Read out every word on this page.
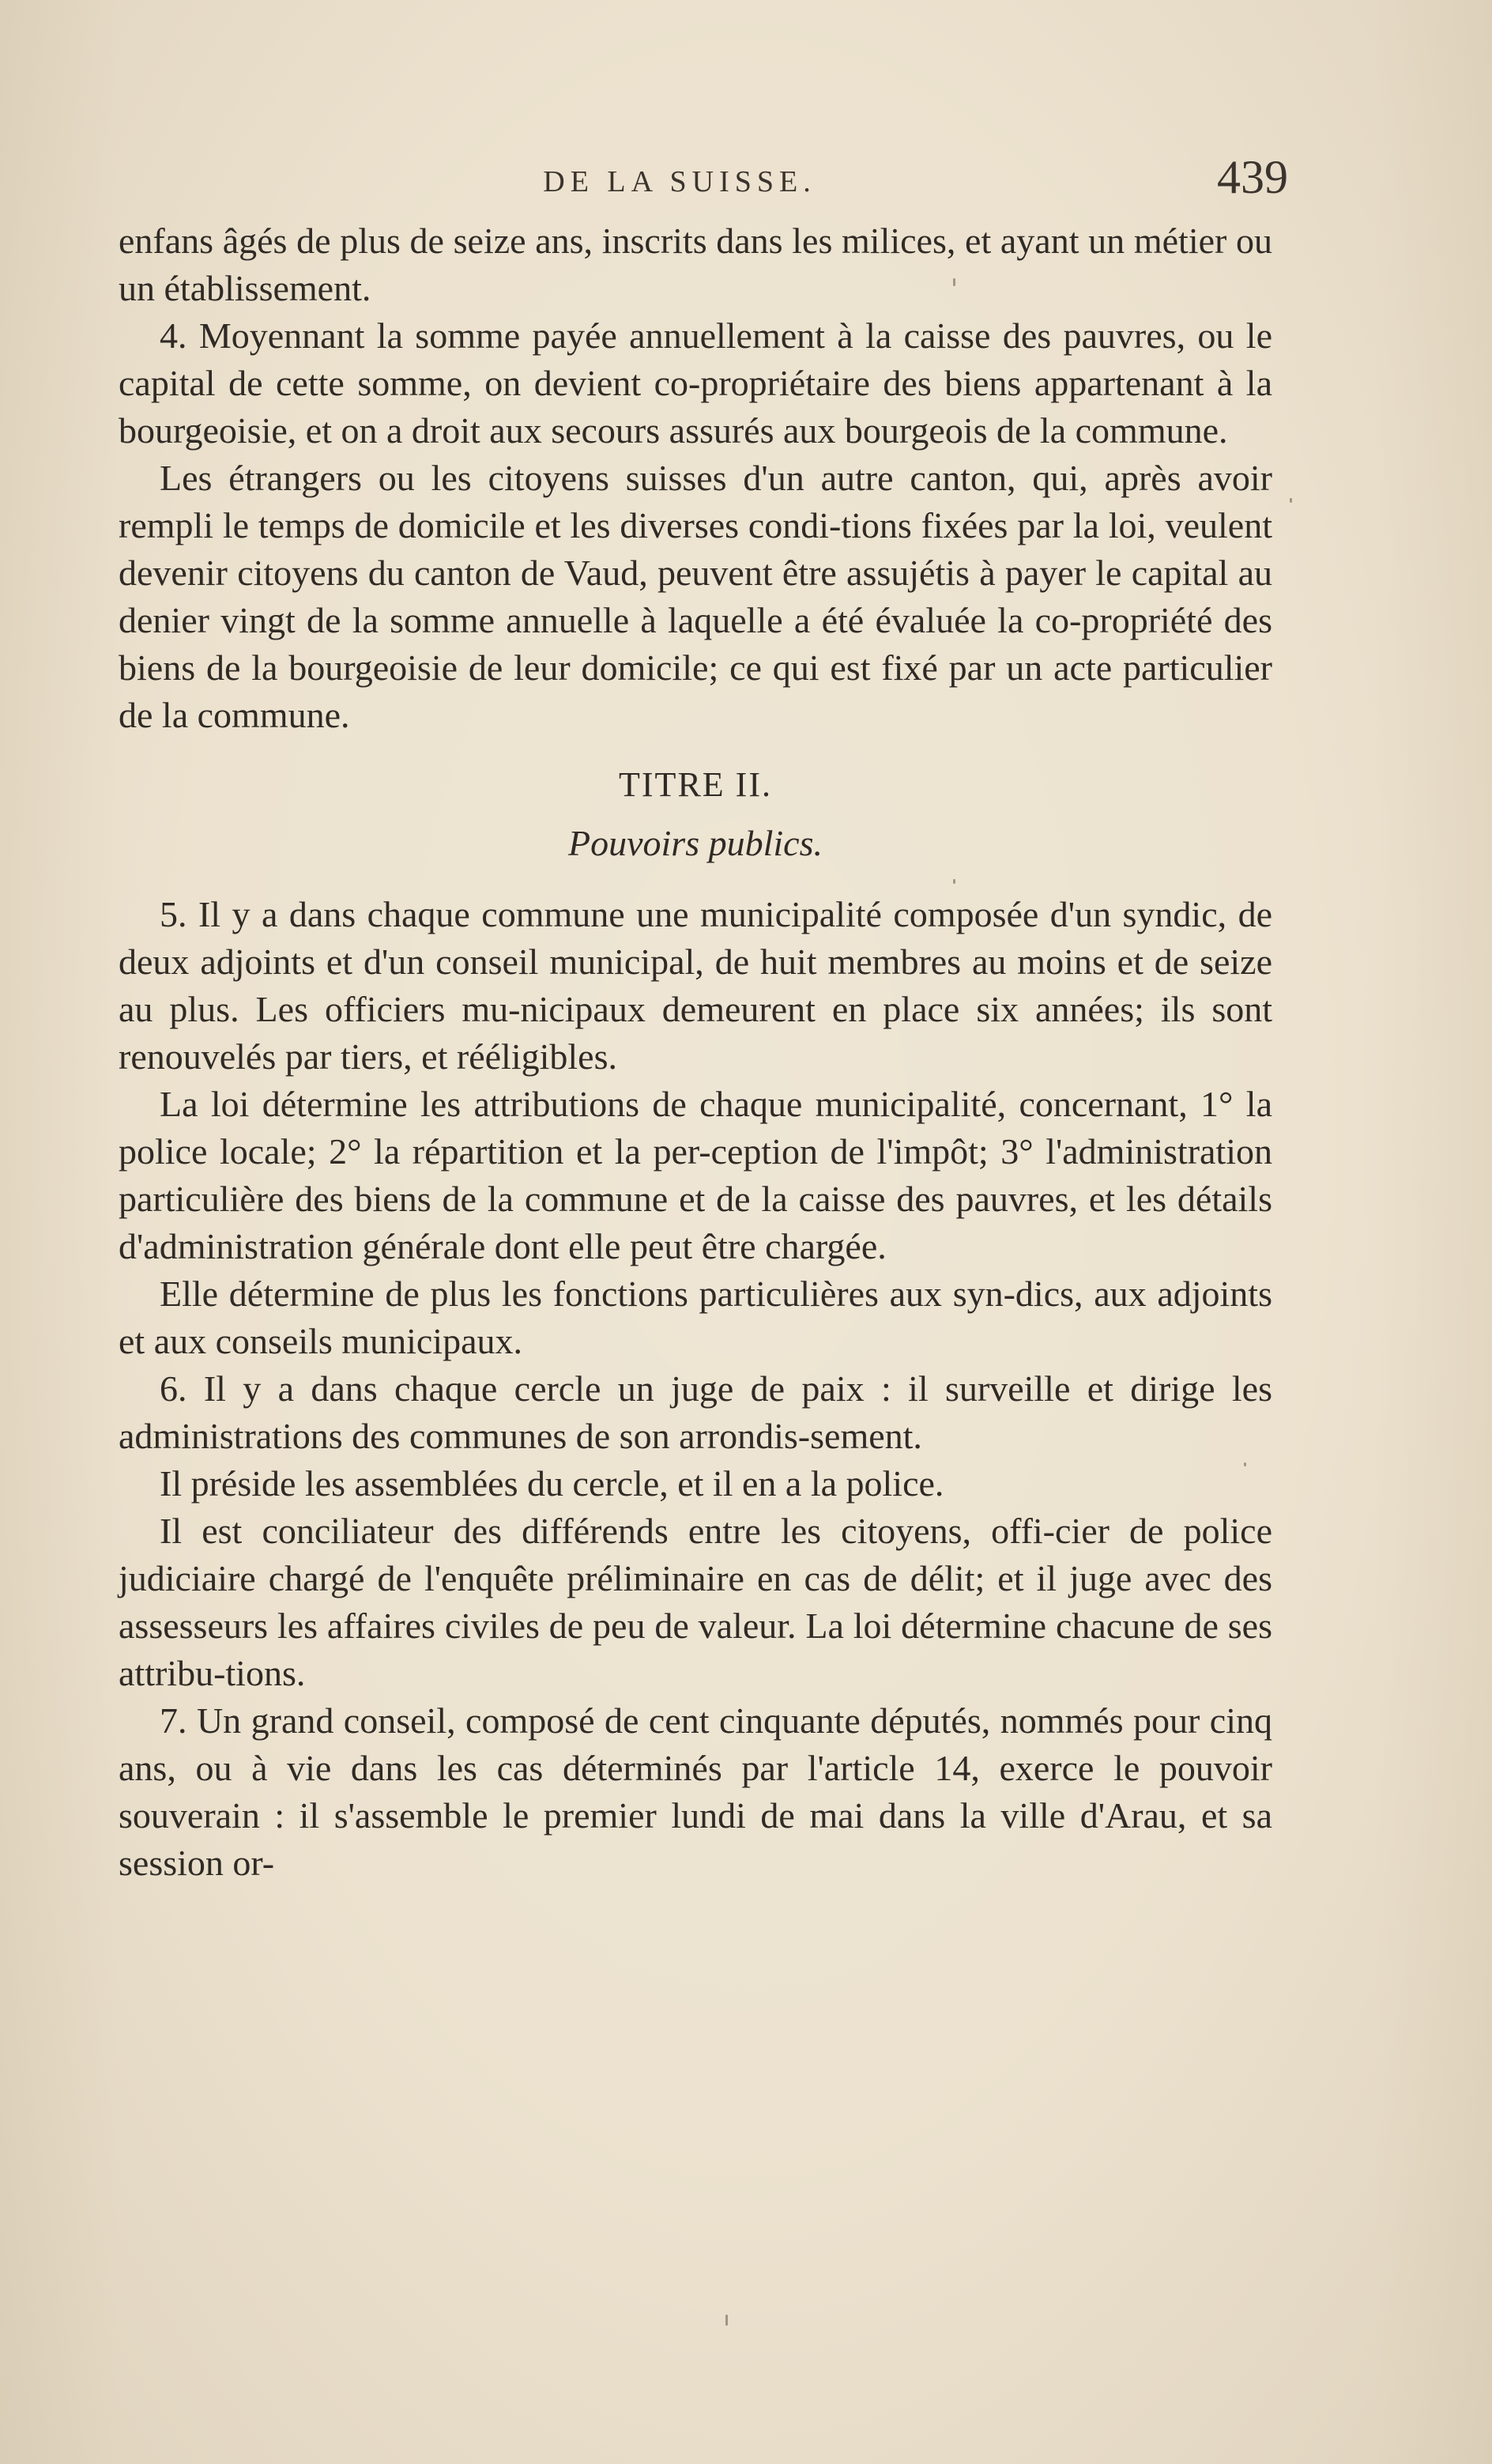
DE LA SUISSE.	439

enfans âgés de plus de seize ans, inscrits dans les milices, et ayant un métier ou un établissement.

4. Moyennant la somme payée annuellement à la caisse des pauvres, ou le capital de cette somme, on devient co-propriétaire des biens appartenant à la bourgeoisie, et on a droit aux secours assurés aux bourgeois de la commune.

Les étrangers ou les citoyens suisses d'un autre canton, qui, après avoir rempli le temps de domicile et les diverses condi-tions fixées par la loi, veulent devenir citoyens du canton de Vaud, peuvent être assujétis à payer le capital au denier vingt de la somme annuelle à laquelle a été évaluée la co-propriété des biens de la bourgeoisie de leur domicile; ce qui est fixé par un acte particulier de la commune.

TITRE II.

Pouvoirs publics.

5. Il y a dans chaque commune une municipalité composée d'un syndic, de deux adjoints et d'un conseil municipal, de huit membres au moins et de seize au plus. Les officiers mu-nicipaux demeurent en place six années; ils sont renouvelés par tiers, et rééligibles.

La loi détermine les attributions de chaque municipalité, concernant, 1° la police locale; 2° la répartition et la per-ception de l'impôt; 3° l'administration particulière des biens de la commune et de la caisse des pauvres, et les détails d'administration générale dont elle peut être chargée.

Elle détermine de plus les fonctions particulières aux syn-dics, aux adjoints et aux conseils municipaux.

6. Il y a dans chaque cercle un juge de paix : il surveille et dirige les administrations des communes de son arrondis-sement.

Il préside les assemblées du cercle, et il en a la police.

Il est conciliateur des différends entre les citoyens, offi-cier de police judiciaire chargé de l'enquête préliminaire en cas de délit; et il juge avec des assesseurs les affaires civiles de peu de valeur. La loi détermine chacune de ses attribu-tions.

7. Un grand conseil, composé de cent cinquante députés, nommés pour cinq ans, ou à vie dans les cas déterminés par l'article 14, exerce le pouvoir souverain : il s'assemble le premier lundi de mai dans la ville d'Arau, et sa session or-
